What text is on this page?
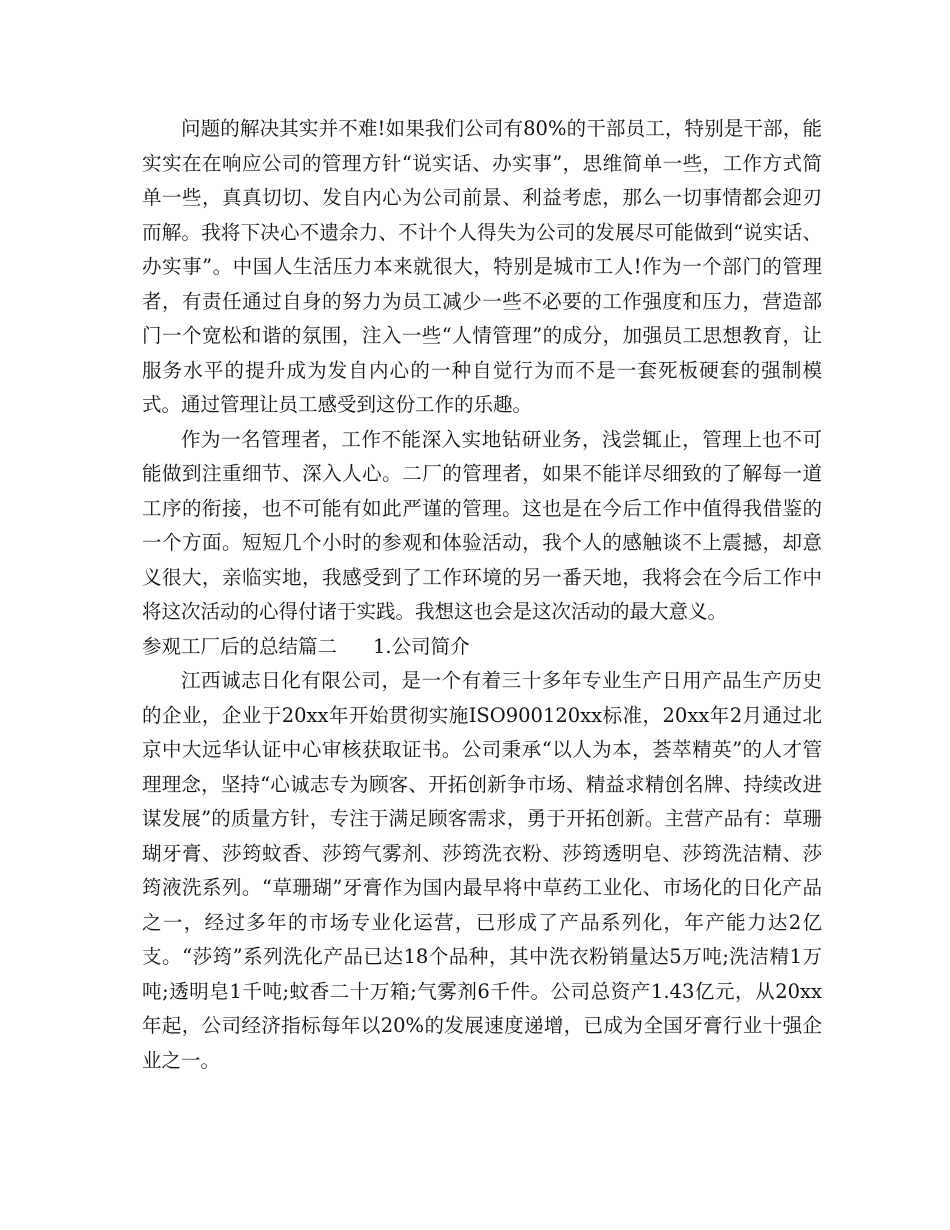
问题的解决其实并不难!如果我们公司有80%的干部员工，特别是干部，能实实在在响应公司的管理方针“说实话、办实事”，思维简单一些，工作方式简单一些，真真切切、发自内心为公司前景、利益考虑，那么一切事情都会迎刃而解。我将下决心不遗余力、不计个人得失为公司的发展尽可能做到“说实话、办实事”。中国人生活压力本来就很大，特别是城市工人!作为一个部门的管理者，有责任通过自身的努力为员工减少一些不必要的工作强度和压力，营造部门一个宽松和谐的氛围，注入一些“人情管理”的成分，加强员工思想教育，让服务水平的提升成为发自内心的一种自觉行为而不是一套死板硬套的强制模式。通过管理让员工感受到这份工作的乐趣。

作为一名管理者，工作不能深入实地钻研业务，浅尝辄止，管理上也不可能做到注重细节、深入人心。二厂的管理者，如果不能详尽细致的了解每一道工序的衔接，也不可能有如此严谨的管理。这也是在今后工作中值得我借鉴的一个方面。短短几个小时的参观和体验活动，我个人的感触谈不上震撼，却意义很大，亲临实地，我感受到了工作环境的另一番天地，我将会在今后工作中将这次活动的心得付诸于实践。我想这也会是这次活动的最大意义。

参观工厂后的总结篇二 1.公司简介

江西诚志日化有限公司，是一个有着三十多年专业生产日用产品生产历史的企业，企业于20xx年开始贯彻实施ISO900120xx标准，20xx年2月通过北京中大远华认证中心审核获取证书。公司秉承“以人为本，荟萃精英”的人才管理理念，坚持“心诚志专为顾客、开拓创新争市场、精益求精创名牌、持续改进谋发展”的质量方针，专注于满足顾客需求，勇于开拓创新。主营产品有：草珊瑚牙膏、莎筠蚊香、莎筠气雾剂、莎筠洗衣粉、莎筠透明皂、莎筠洗洁精、莎筠液洗系列。“草珊瑚”牙膏作为国内最早将中草药工业化、市场化的日化产品之一，经过多年的市场专业化运营，已形成了产品系列化，年产能力达2亿支。“莎筠”系列洗化产品已达18个品种，其中洗衣粉销量达5万吨;洗洁精1万吨;透明皂1千吨;蚊香二十万箱;气雾剂6千件。公司总资产1.43亿元，从20xx年起，公司经济指标每年以20%的发展速度递增，已成为全国牙膏行业十强企业之一。
